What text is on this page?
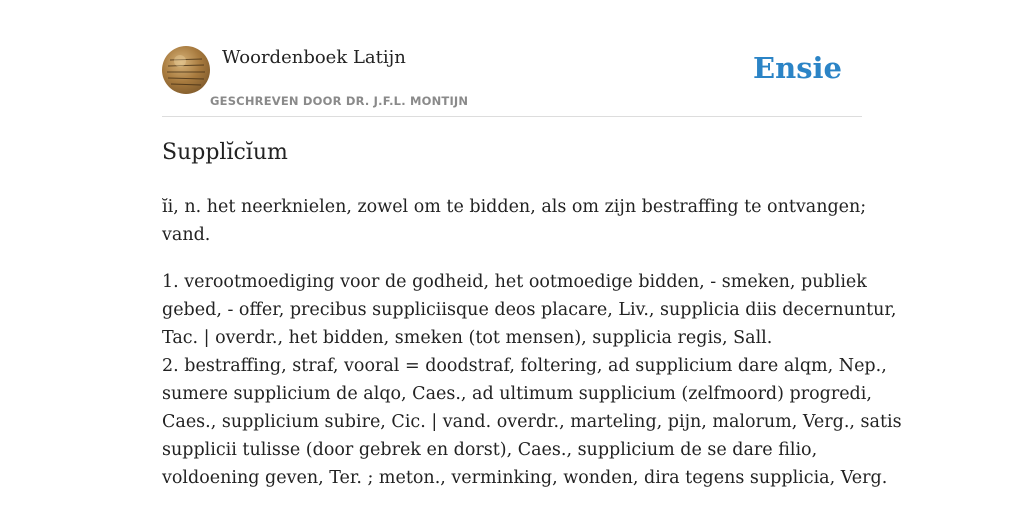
Woordenboek Latijn
GESCHREVEN DOOR DR. J.F.L. MONTIJN
Ensie
Supplĭcĭum

ĭi, n. het neerknielen, zowel om te bidden, als om zijn bestraffing te ontvangen;
vand.

1. verootmoediging voor de godheid, het ootmoedige bidden, - smeken, publiek
gebed, - offer, precibus suppliciisque deos placare, Liv., supplicia diis decernuntur,
Tac. | overdr., het bidden, smeken (tot mensen), supplicia regis, Sall.
2. bestraffing, straf, vooral = doodstraf, foltering, ad supplicium dare alqm, Nep.,
sumere supplicium de alqo, Caes., ad ultimum supplicium (zelfmoord) progredi,
Caes., supplicium subire, Cic. | vand. overdr., marteling, pijn, malorum, Verg., satis
supplicii tulisse (door gebrek en dorst), Caes., supplicium de se dare filio,
voldoening geven, Ter. ; meton., verminking, wonden, dira tegens supplicia, Verg.
